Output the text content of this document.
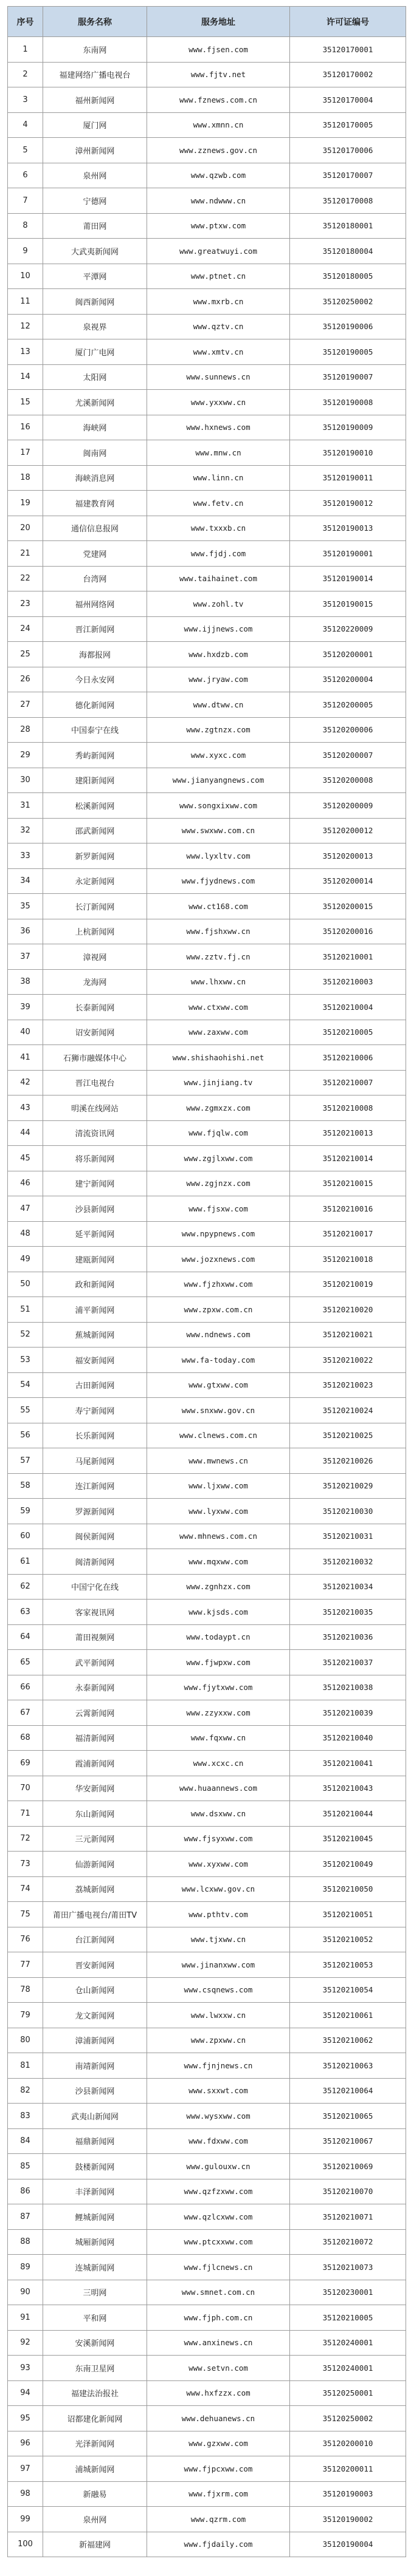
序号	服务名称	服务地址	许可证编号
1	东南网	www.fjsen.com	35120170001
2	福建网络广播电视台	www.fjtv.net	35120170002
3	福州新闻网	www.fznews.com.cn	35120170004
4	厦门网	www.xmnn.cn	35120170005
5	漳州新闻网	www.zznews.gov.cn	35120170006
6	泉州网	www.qzwb.com	35120170007
7	宁德网	www.ndwww.cn	35120170008
8	莆田网	www.ptxw.com	35120180001
9	大武夷新闻网	www.greatwuyi.com	35120180004
10	平潭网	www.ptnet.cn	35120180005
11	闽西新闻网	www.mxrb.cn	35120250002
12	泉视界	www.qztv.cn	35120190006
13	厦门广电网	www.xmtv.cn	35120190005
14	太阳网	www.sunnews.cn	35120190007
15	尤溪新闻网	www.yxxww.cn	35120190008
16	海峡网	www.hxnews.com	35120190009
17	闽南网	www.mnw.cn	35120190010
18	海峡消息网	www.linn.cn	35120190011
19	福建教育网	www.fetv.cn	35120190012
20	通信信息报网	www.txxxb.cn	35120190013
21	党建网	www.fjdj.com	35120190001
22	台湾网	www.taihainet.com	35120190014
23	福州网络网	www.zohl.tv	35120190015
24	晋江新闻网	www.ijjnews.com	35120220009
25	海都报网	www.hxdzb.com	35120200001
26	今日永安网	www.jryaw.com	35120200004
27	德化新闻网	www.dtww.cn	35120200005
28	中国泰宁在线	www.zgtnzx.com	35120200006
29	秀屿新闻网	www.xyxc.com	35120200007
30	建阳新闻网	www.jianyangnews.com	35120200008
31	松溪新闻网	www.songxixww.com	35120200009
32	邵武新闻网	www.swxww.com.cn	35120200012
33	新罗新闻网	www.lyxltv.com	35120200013
34	永定新闻网	www.fjydnews.com	35120200014
35	长汀新闻网	www.ct168.com	35120200015
36	上杭新闻网	www.fjshxww.cn	35120200016
37	漳视网	www.zztv.fj.cn	35120210001
38	龙海网	www.lhxww.cn	35120210003
39	长泰新闻网	www.ctxww.com	35120210004
40	诏安新闻网	www.zaxww.com	35120210005
41	石狮市融媒体中心	www.shishaohishi.net	35120210006
42	晋江电视台	www.jinjiang.tv	35120210007
43	明溪在线网站	www.zgmxzx.com	35120210008
44	清流资讯网	www.fjqlw.com	35120210013
45	将乐新闻网	www.zgjlxww.com	35120210014
46	建宁新闻网	www.zgjnzx.com	35120210015
47	沙县新闻网	www.fjsxw.com	35120210016
48	延平新闻网	www.npypnews.com	35120210017
49	建瓯新闻网	www.jozxnews.com	35120210018
50	政和新闻网	www.fjzhxww.com	35120210019
51	浦平新闻网	www.zpxw.com.cn	35120210020
52	蕉城新闻网	www.ndnews.com	35120210021
53	福安新闻网	www.fa-today.com	35120210022
54	古田新闻网	www.gtxww.com	35120210023
55	寿宁新闻网	www.snxww.gov.cn	35120210024
56	长乐新闻网	www.clnews.com.cn	35120210025
57	马尾新闻网	www.mwnews.cn	35120210026
58	连江新闻网	www.ljxww.com	35120210029
59	罗源新闻网	www.lyxww.com	35120210030
60	闽侯新闻网	www.mhnews.com.cn	35120210031
61	闽清新闻网	www.mqxww.com	35120210032
62	中国宁化在线	www.zgnhzx.com	35120210034
63	客家视讯网	www.kjsds.com	35120210035
64	莆田视频网	www.todaypt.cn	35120210036
65	武平新闻网	www.fjwpxw.com	35120210037
66	永泰新闻网	www.fjytxww.com	35120210038
67	云霄新闻网	www.zzyxxw.com	35120210039
68	福清新闻网	www.fqxww.cn	35120210040
69	霞浦新闻网	www.xcxc.cn	35120210041
70	华安新闻网	www.huaannews.com	35120210043
71	东山新闻网	www.dsxww.cn	35120210044
72	三元新闻网	www.fjsyxww.com	35120210045
73	仙游新闻网	www.xyxww.com	35120210049
74	荔城新闻网	www.lcxww.gov.cn	35120210050
75	莆田广播电视台/莆田TV	www.pthtv.com	35120210051
76	台江新闻网	www.tjxww.cn	35120210052
77	晋安新闻网	www.jinanxww.com	35120210053
78	仓山新闻网	www.csqnews.com	35120210054
79	龙文新闻网	www.lwxxw.cn	35120210061
80	漳浦新闻网	www.zpxww.cn	35120210062
81	南靖新闻网	www.fjnjnews.cn	35120210063
82	沙县新闻网	www.sxxwt.com	35120210064
83	武夷山新闻网	www.wysxww.com	35120210065
84	福鼎新闻网	www.fdxww.com	35120210067
85	鼓楼新闻网	www.gulouxw.cn	35120210069
86	丰泽新闻网	www.qzfzxww.com	35120210070
87	鲤城新闻网	www.qzlcxww.com	35120210071
88	城厢新闻网	www.ptcxxww.com	35120210072
89	连城新闻网	www.fjlcnews.cn	35120210073
90	三明网	www.smnet.com.cn	35120230001
91	平和网	www.fjph.com.cn	35120210005
92	安溪新闻网	www.anxinews.cn	35120240001
93	东南卫星网	www.setvn.com	35120240001
94	福建法治报社	www.hxfzzx.com	35120250001
95	诏都建化新闻网	www.dehuanews.cn	35120250002
96	光泽新闻网	www.gzxww.com	35120200010
97	浦城新闻网	www.fjpcxww.com	35120200011
98	新融易	www.fjxrm.com	35120190003
99	泉州网	www.qzrm.com	35120190002
100	新福建网	www.fjdaily.com	35120190004
